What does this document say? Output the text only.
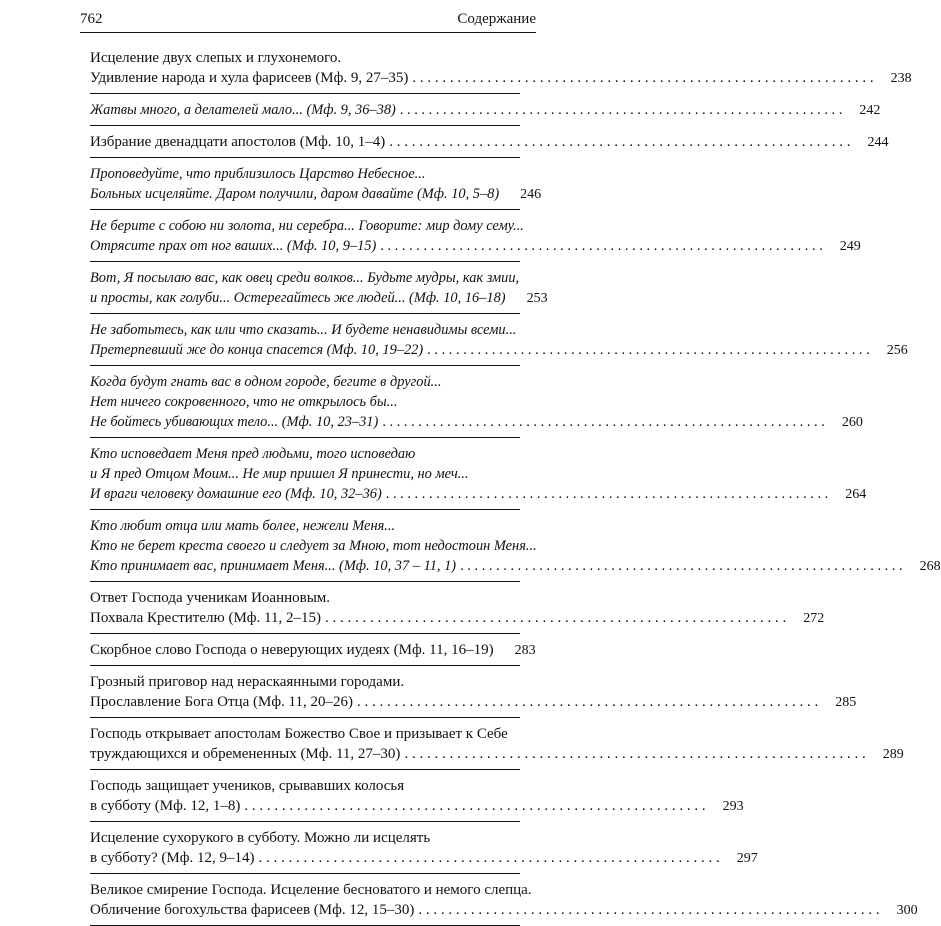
762	Содержание
Исцеление двух слепых и глухонемого.
Удивление народа и хула фарисеев (Мф. 9, 27–35) . . .	238
Жатвы много, а делателей мало... (Мф. 9, 36–38) . . .	242
Избрание двенадцати апостолов (Мф. 10, 1–4) . . .	244
Проповедуйте, что приблизилось Царство Небесное...
Больных исцеляйте. Даром получили, даром давайте (Мф. 10, 5–8)	246
Не берите с собою ни золота, ни серебра... Говорите: мир дому сему...
Отрясите прах от ног ваших... (Мф. 10, 9–15) . . .	249
Вот, Я посылаю вас, как овец среди волков... Будьте мудры, как змии,
и просты, как голуби... Остерегайтесь же людей... (Мф. 10, 16–18)	253
Не заботьтесь, как или что сказать... И будете ненавидимы всеми...
Претерпевший же до конца спасется (Мф. 10, 19–22) . . .	256
Когда будут гнать вас в одном городе, бегите в другой...
Нет ничего сокровенного, что не открылось бы...
Не бойтесь убивающих тело... (Мф. 10, 23–31) . . .	260
Кто исповедает Меня пред людьми, того исповедаю
и Я пред Отцом Моим... Не мир пришел Я принести, но меч...
И враги человеку домашние его (Мф. 10, 32–36) . . .	264
Кто любит отца или мать более, нежели Меня...
Кто не берет креста своего и следует за Мною, тот недостоин Меня...
Кто принимает вас, принимает Меня... (Мф. 10, 37 – 11, 1) . . .	268
Ответ Господа ученикам Иоанновым.
Похвала Крестителю (Мф. 11, 2–15) . . .	272
Скорбное слово Господа о неверующих иудеях (Мф. 11, 16–19)	283
Грозный приговор над нераскаянными городами.
Прославление Бога Отца (Мф. 11, 20–26) . . .	285
Господь открывает апостолам Божество Свое и призывает к Себе
труждающихся и обремененных (Мф. 11, 27–30) . . .	289
Господь защищает учеников, срывавших колосья
в субботу (Мф. 12, 1–8) . . .	293
Исцеление сухорукого в субботу. Можно ли исцелять
в субботу? (Мф. 12, 9–14) . . .	297
Великое смирение Господа. Исцеление бесноватого и немого слепца.
Обличение богохульства фарисеев (Мф. 12, 15–30) . . .	300
